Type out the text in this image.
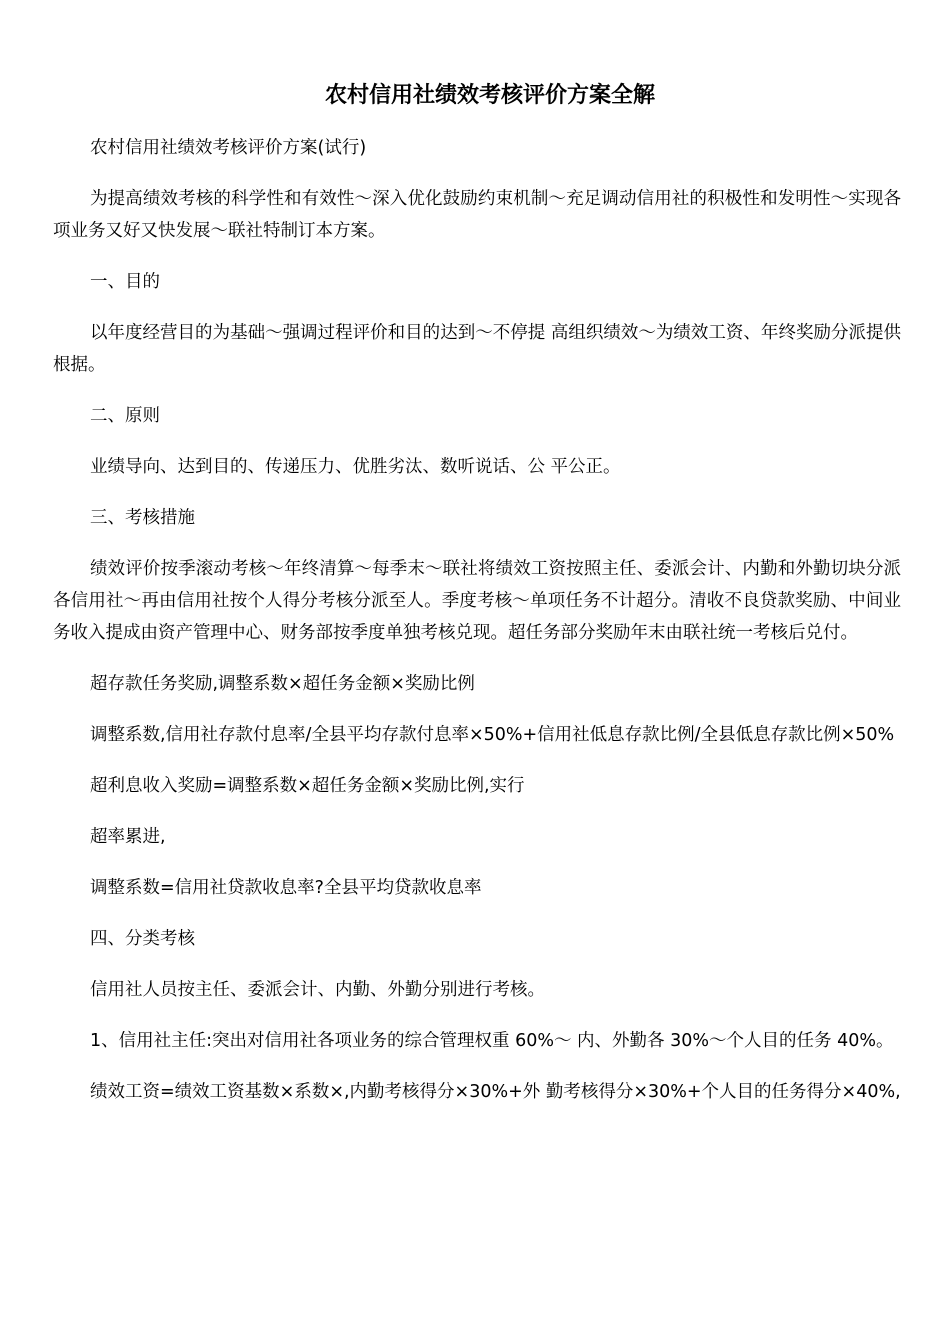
农村信用社绩效考核评价方案全解

农村信用社绩效考核评价方案(试行)

为提高绩效考核的科学性和有效性～深入优化鼓励约束机制～充足调动信用社的积极性和发明性～实现各项业务又好又快发展～联社特制订本方案。

一、目的

以年度经营目的为基础～强调过程评价和目的达到～不停提 高组织绩效～为绩效工资、年终奖励分派提供根据。

二、原则

业绩导向、达到目的、传递压力、优胜劣汰、数听说话、公 平公正。

三、考核措施

绩效评价按季滚动考核～年终清算～每季末～联社将绩效工资按照主任、委派会计、内勤和外勤切块分派各信用社～再由信用社按个人得分考核分派至人。季度考核～单项任务不计超分。清收不良贷款奖励、中间业务收入提成由资产管理中心、财务部按季度单独考核兑现。超任务部分奖励年末由联社统一考核后兑付。

超存款任务奖励,调整系数×超任务金额×奖励比例

调整系数,信用社存款付息率/全县平均存款付息率×50%+信用社低息存款比例/全县低息存款比例×50%

超利息收入奖励=调整系数×超任务金额×奖励比例,实行

超率累进,

调整系数=信用社贷款收息率?全县平均贷款收息率

四、分类考核

信用社人员按主任、委派会计、内勤、外勤分别进行考核。

1、信用社主任:突出对信用社各项业务的综合管理权重 60%～ 内、外勤各 30%～个人目的任务 40%。

绩效工资=绩效工资基数×系数×,内勤考核得分×30%+外 勤考核得分×30%+个人目的任务得分×40%,
